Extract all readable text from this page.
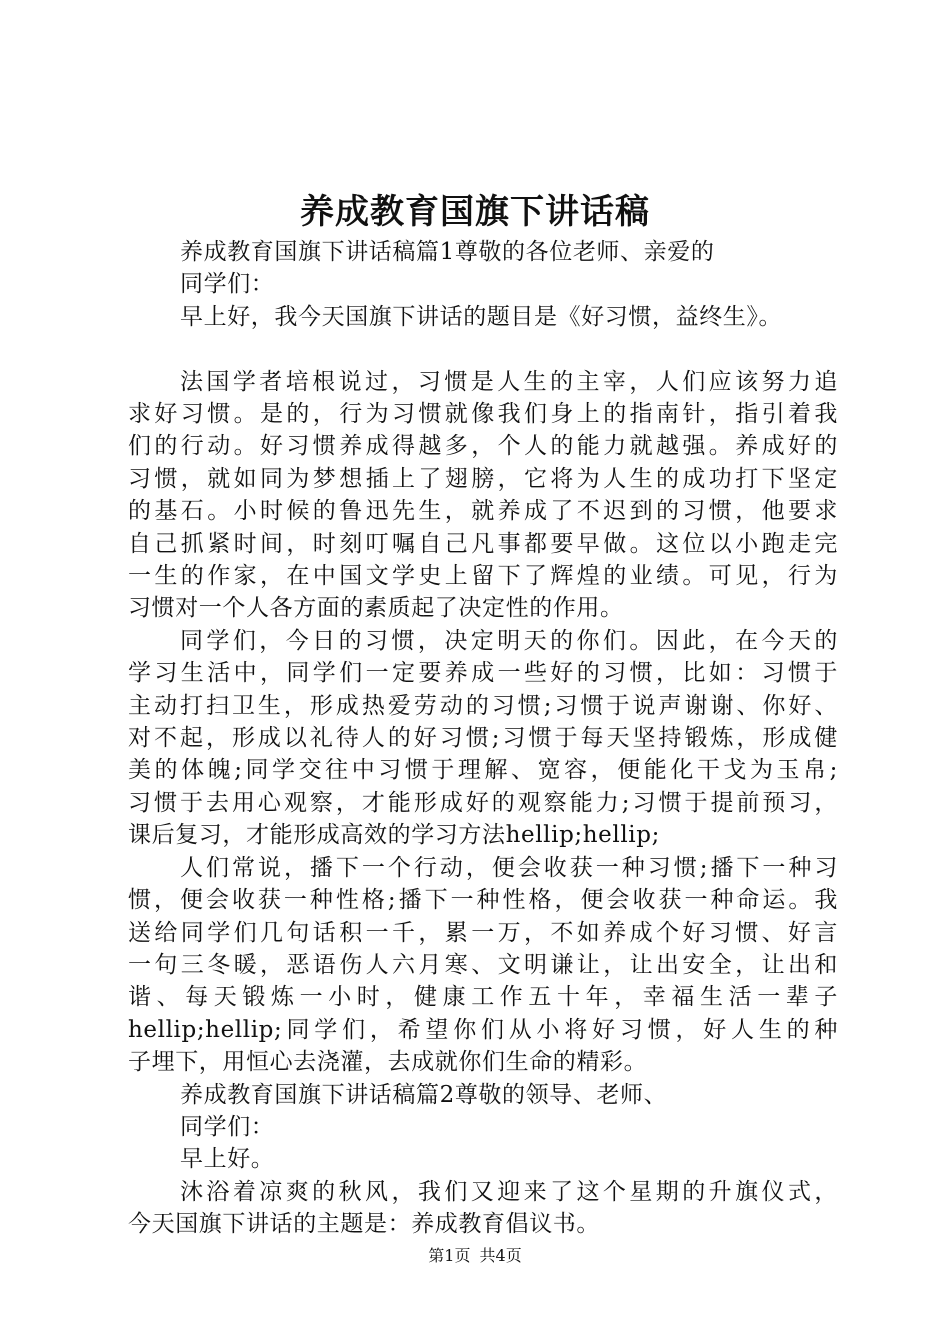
养成教育国旗下讲话稿
养成教育国旗下讲话稿篇1尊敬的各位老师、亲爱的
同学们：
早上好，我今天国旗下讲话的题目是《好习惯，益终生》。
法国学者培根说过，习惯是人生的主宰，人们应该努力追
求好习惯。是的，行为习惯就像我们身上的指南针，指引着我
们的行动。好习惯养成得越多，个人的能力就越强。养成好的
习惯，就如同为梦想插上了翅膀，它将为人生的成功打下坚定
的基石。小时候的鲁迅先生，就养成了不迟到的习惯，他要求
自己抓紧时间，时刻叮嘱自己凡事都要早做。这位以小跑走完
一生的作家，在中国文学史上留下了辉煌的业绩。可见，行为
习惯对一个人各方面的素质起了决定性的作用。
同学们，今日的习惯，决定明天的你们。因此，在今天的
学习生活中，同学们一定要养成一些好的习惯，比如：习惯于
主动打扫卫生，形成热爱劳动的习惯;习惯于说声谢谢、你好、
对不起，形成以礼待人的好习惯;习惯于每天坚持锻炼，形成健
美的体魄;同学交往中习惯于理解、宽容，便能化干戈为玉帛;
习惯于去用心观察，才能形成好的观察能力;习惯于提前预习，
课后复习，才能形成高效的学习方法hellip;hellip;
人们常说，播下一个行动，便会收获一种习惯;播下一种习
惯，便会收获一种性格;播下一种性格，便会收获一种命运。我
送给同学们几句话积一千，累一万，不如养成个好习惯、好言
一句三冬暖，恶语伤人六月寒、文明谦让，让出安全，让出和
谐、每天锻炼一小时，健康工作五十年，幸福生活一辈子
hellip;hellip;同学们，希望你们从小将好习惯，好人生的种
子埋下，用恒心去浇灌，去成就你们生命的精彩。
养成教育国旗下讲话稿篇2尊敬的领导、老师、
同学们：
早上好。
沐浴着凉爽的秋风，我们又迎来了这个星期的升旗仪式，
今天国旗下讲话的主题是：养成教育倡议书。
第1页 共4页
